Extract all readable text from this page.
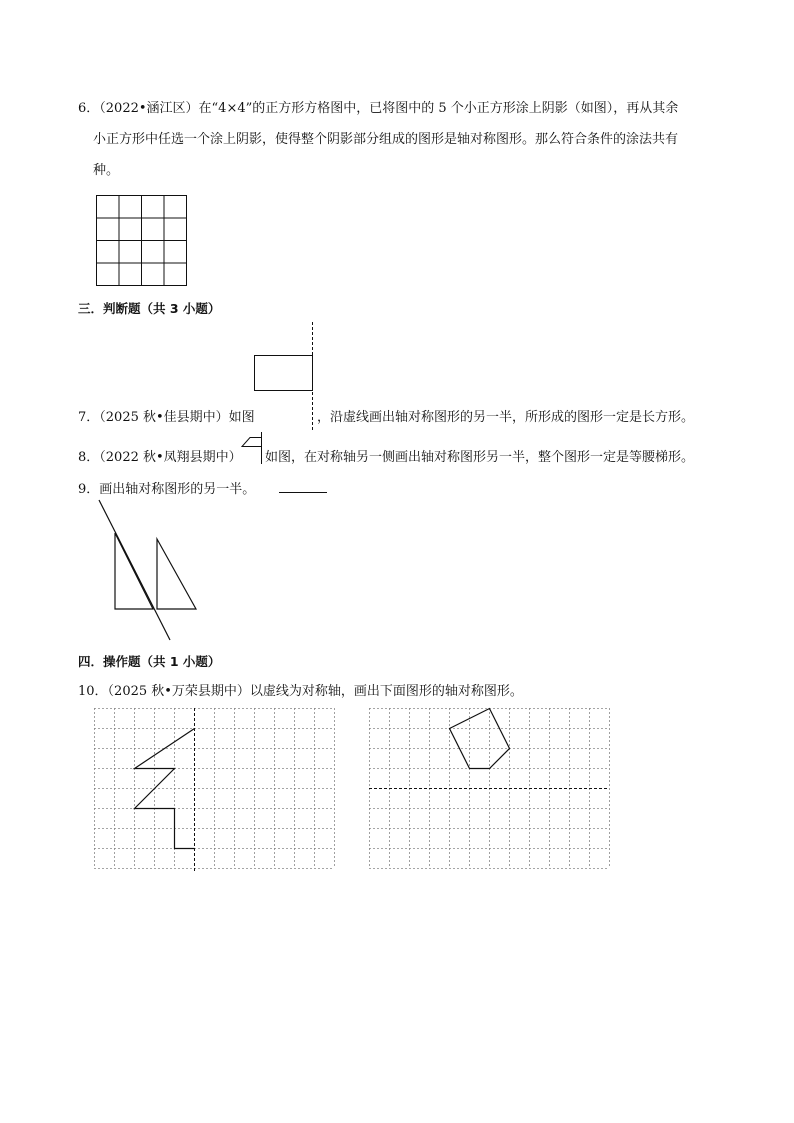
6．（2022•涵江区）在“4×4”的正方形方格图中，已将图中的 5 个小正方形涂上阴影（如图），再从其余
小正方形中任选一个涂上阴影，使得整个阴影部分组成的图形是轴对称图形。那么符合条件的涂法共有
种。
三．判断题（共 3 小题）
7．（2025 秋•佳县期中）如图	，沿虚线画出轴对称图形的另一半，所形成的图形一定是长方形。
8．（2022 秋•凤翔县期中） 如图，在对称轴另一侧画出轴对称图形另一半，整个图形一定是等腰梯形。
9．画出轴对称图形的另一半。
四．操作题（共 1 小题）
10．（2025 秋•万荣县期中）以虚线为对称轴，画出下面图形的轴对称图形。
